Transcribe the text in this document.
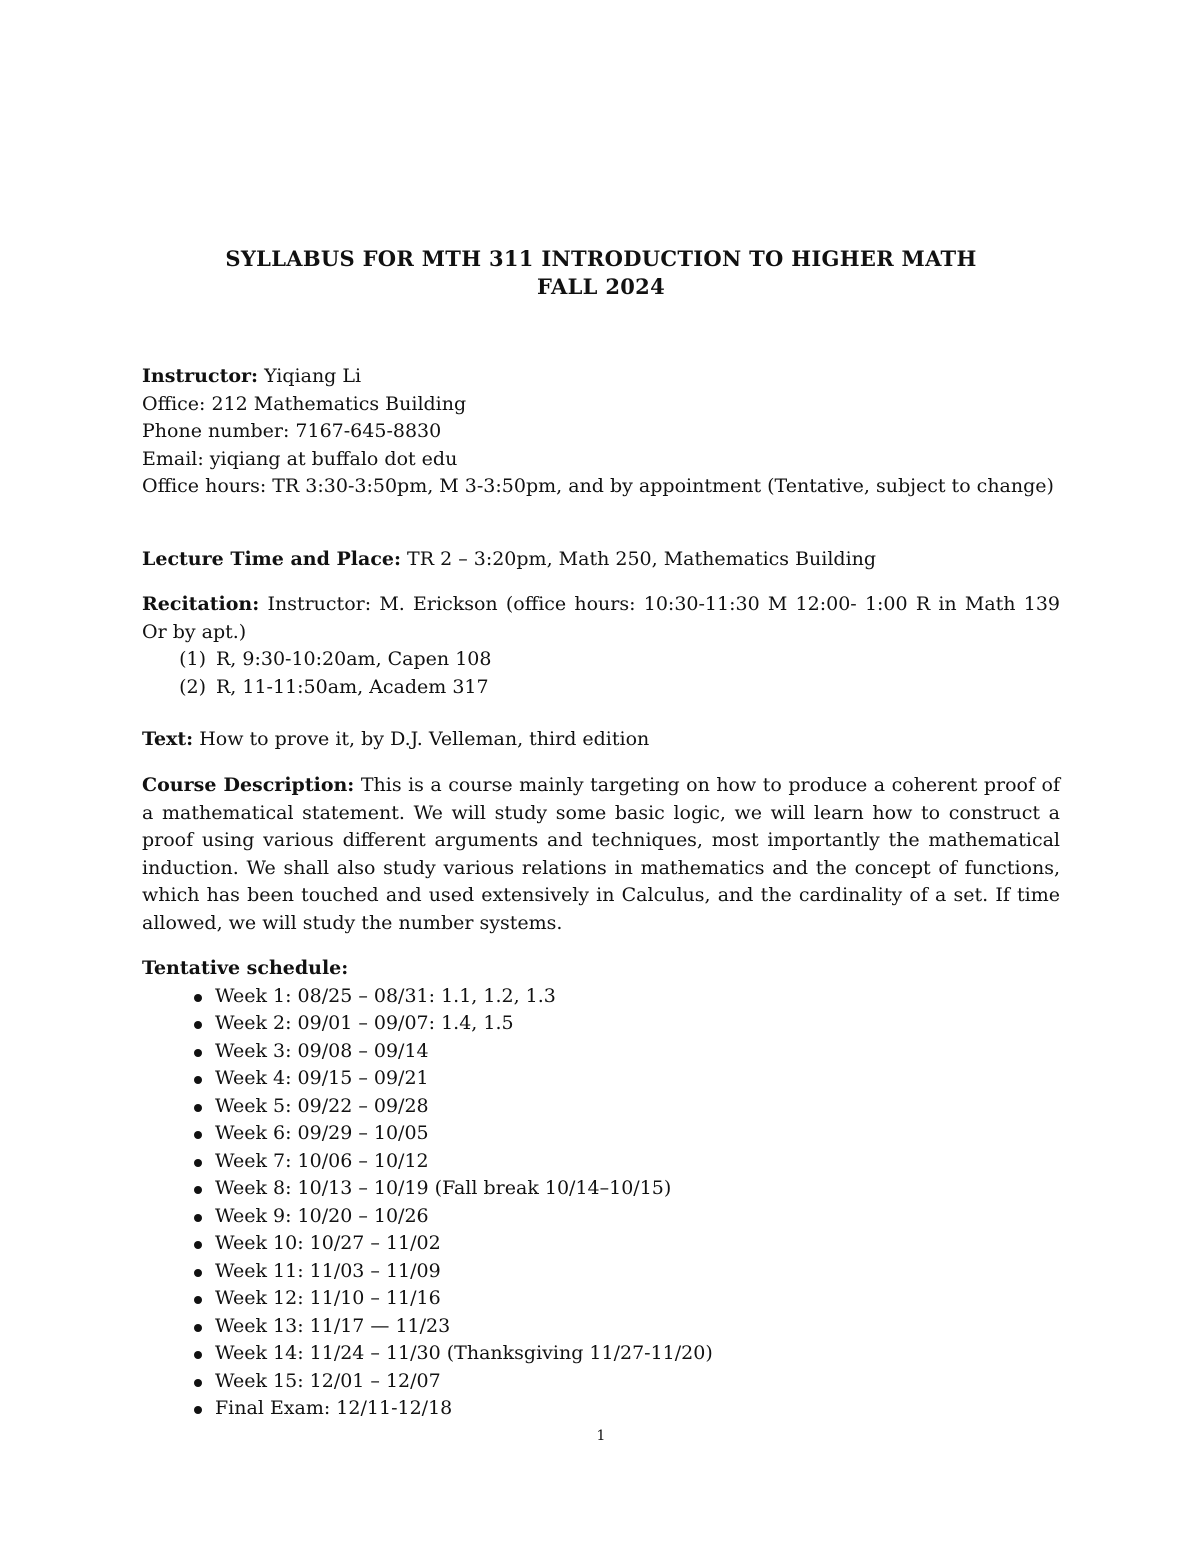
SYLLABUS FOR MTH 311 INTRODUCTION TO HIGHER MATH
FALL 2024
Instructor: Yiqiang Li
Office: 212 Mathematics Building
Phone number: 7167-645-8830
Email: yiqiang at buffalo dot edu
Office hours: TR 3:30-3:50pm, M 3-3:50pm, and by appointment (Tentative, subject to change)
Lecture Time and Place: TR 2 – 3:20pm, Math 250, Mathematics Building
Recitation: Instructor: M. Erickson (office hours: 10:30-11:30 M 12:00- 1:00 R in Math 139 Or by apt.)
(1) R, 9:30-10:20am, Capen 108
(2) R, 11-11:50am, Academ 317
Text: How to prove it, by D.J. Velleman, third edition
Course Description: This is a course mainly targeting on how to produce a coherent proof of a mathematical statement. We will study some basic logic, we will learn how to construct a proof using various different arguments and techniques, most importantly the mathematical induction. We shall also study various relations in mathematics and the concept of functions, which has been touched and used extensively in Calculus, and the cardinality of a set. If time allowed, we will study the number systems.
Tentative schedule:
Week 1: 08/25 – 08/31: 1.1, 1.2, 1.3
Week 2: 09/01 – 09/07: 1.4, 1.5
Week 3: 09/08 – 09/14
Week 4: 09/15 – 09/21
Week 5: 09/22 – 09/28
Week 6: 09/29 – 10/05
Week 7: 10/06 – 10/12
Week 8: 10/13 – 10/19 (Fall break 10/14–10/15)
Week 9: 10/20 – 10/26
Week 10: 10/27 – 11/02
Week 11: 11/03 – 11/09
Week 12: 11/10 – 11/16
Week 13: 11/17 — 11/23
Week 14: 11/24 – 11/30 (Thanksgiving 11/27-11/20)
Week 15: 12/01 – 12/07
Final Exam: 12/11-12/18
1
